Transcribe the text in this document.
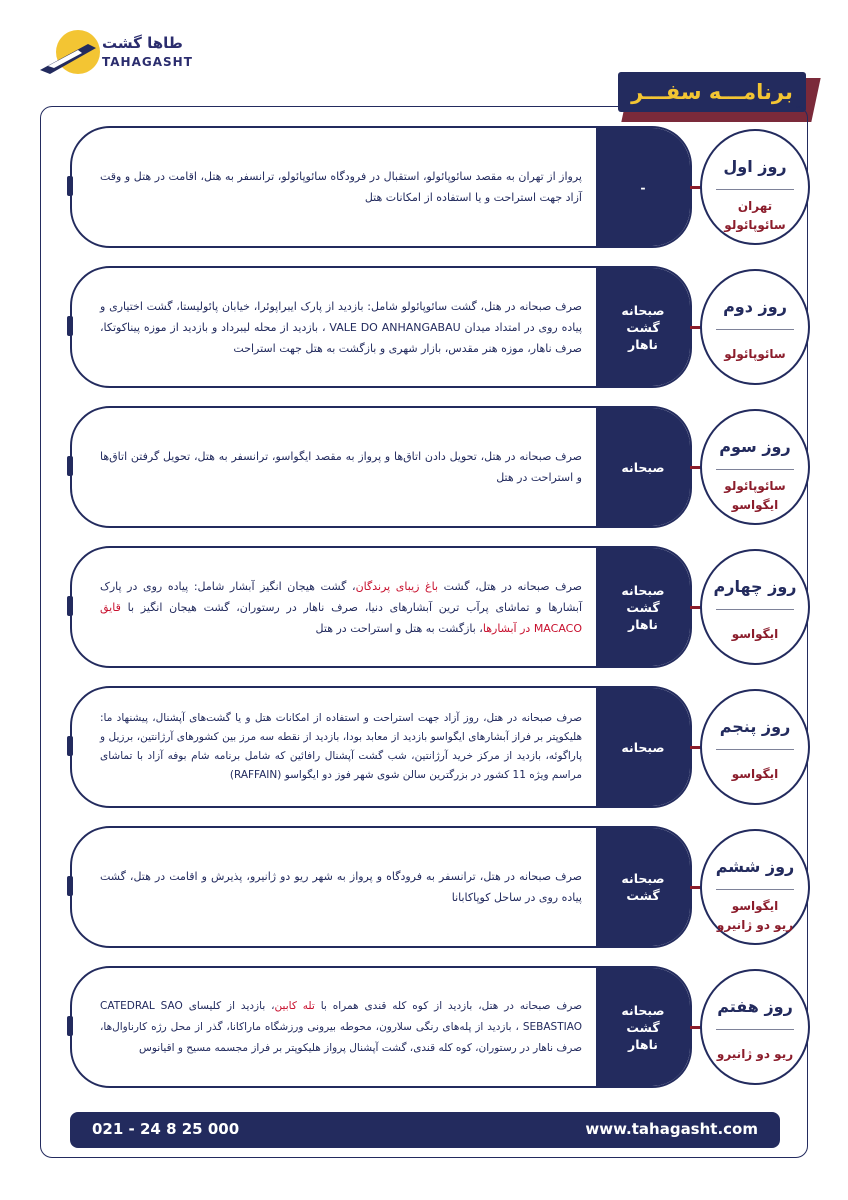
طاها گشت
TAHAGASHT
برنامـــه سفـــر
-
پرواز از تهران به مقصد سائوپائولو، استقبال در فرودگاه سائوپائولو، ترانسفر به هتل، اقامت در هتل و وقت آزاد جهت استراحت و یا استفاده از امکانات هتل
روز اول
تهران
سائوپائولو
صبحانه
گشت
ناهار
صرف صبحانه در هتل، گشت سائوپائولو شامل: بازدید از پارک ایبراپوئرا، خیابان پائولیستا، گشت اختیاری و پیاده روی در امتداد میدان VALE DO ANHANGABAU ، بازدید از محله لیبرداد و بازدید از موزه پیناکوتکا، صرف ناهار، موزه هنر مقدس، بازار شهری و بازگشت به هتل جهت استراحت
روز دوم
سائوپائولو
صبحانه
صرف صبحانه در هتل، تحویل دادن اتاق‌ها و پرواز به مقصد ایگواسو، ترانسفر به هتل، تحویل گرفتن اتاق‌ها و استراحت در هتل
روز سوم
سائوپائولو
ایگواسو
صبحانه
گشت
ناهار
صرف صبحانه در هتل، گشت باغ زیبای پرندگان، گشت هیجان انگیز آبشار شامل: پیاده روی در پارک آبشارها و تماشای پرآب ترین آبشارهای دنیا، صرف ناهار در رستوران، گشت هیجان انگیز با قایق MACACO در آبشارها، بازگشت به هتل و استراحت در هتل
روز چهارم
ایگواسو
صبحانه
صرف صبحانه در هتل، روز آزاد جهت استراحت و استفاده از امکانات هتل و یا گشت‌های آپشنال، پیشنهاد ما: هلیکوپتر بر فراز آبشارهای ایگواسو بازدید از معابد بودا، بازدید از نقطه سه مرز بین کشورهای آرژانتین، برزیل و پاراگوئه، بازدید از مرکز خرید آرژانتین، شب گشت آپشنال رافائین که شامل برنامه شام بوفه آزاد با تماشای مراسم ویژه 11 کشور در بزرگترین سالن شوی شهر فوز دو ایگواسو (RAFFAIN)
روز پنجم
ایگواسو
صبحانه
گشت
صرف صبحانه در هتل، ترانسفر به فرودگاه و پرواز به شهر ریو دو ژانیرو، پذیرش و اقامت در هتل، گشت پیاده روی در ساحل کوپاکابانا
روز ششم
ایگواسو
ریو دو ژانیرو
صبحانه
گشت
ناهار
صرف صبحانه در هتل، بازدید از کوه کله قندی همراه با تله کابین، بازدید از کلیسای CATEDRAL SAO SEBASTIAO ، بازدید از پله‌های رنگی سلارون، محوطه بیرونی ورزشگاه ماراکانا، گذر از محل رژه کارناوال‌ها، صرف ناهار در رستوران، کوه کله قندی، گشت آپشنال پرواز هلیکوپتر بر فراز مجسمه مسیح و اقیانوس
روز هفتم
ریو دو ژانیرو
021 - 24 8 25 000	www.tahagasht.com
